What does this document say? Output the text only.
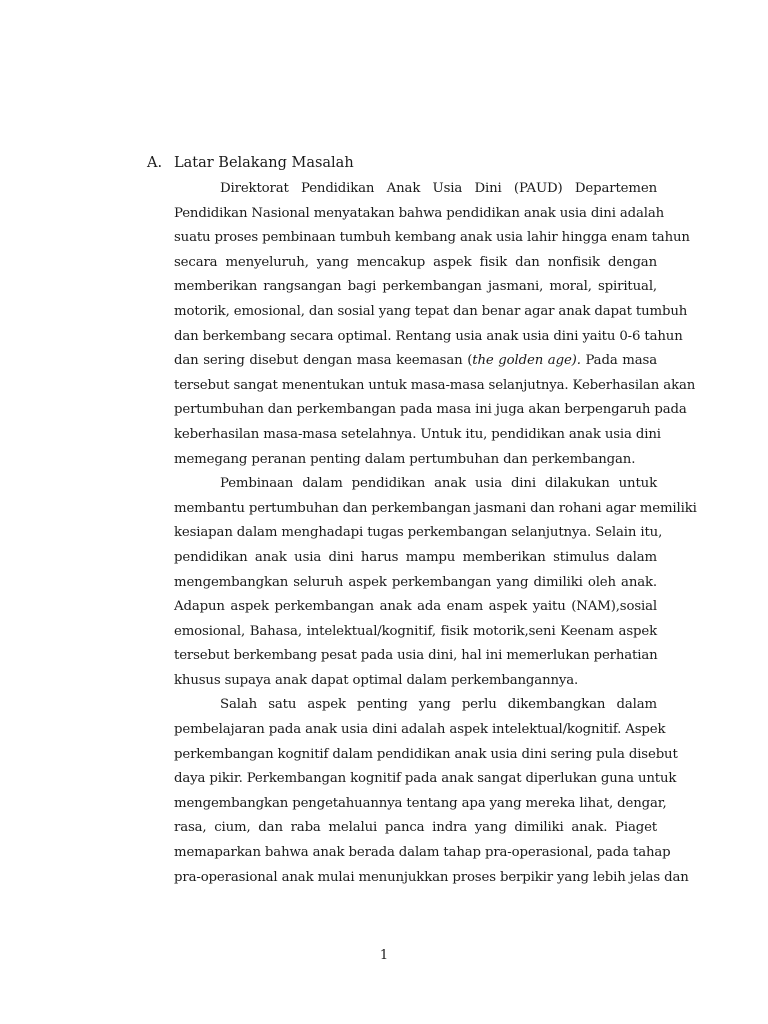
A. Latar Belakang Masalah
Direktorat Pendidikan Anak Usia Dini (PAUD) Departemen
Pendidikan Nasional menyatakan bahwa pendidikan anak usia dini adalah
suatu proses pembinaan tumbuh kembang anak usia lahir hingga enam tahun
secara menyeluruh, yang mencakup aspek fisik dan nonfisik dengan
memberikan rangsangan bagi perkembangan jasmani, moral, spiritual,
motorik, emosional, dan sosial yang tepat dan benar agar anak dapat tumbuh
dan berkembang secara optimal. Rentang usia anak usia dini yaitu 0-6 tahun
dan sering disebut dengan masa keemasan (the golden age). Pada masa
tersebut sangat menentukan untuk masa-masa selanjutnya. Keberhasilan akan
pertumbuhan dan perkembangan pada masa ini juga akan berpengaruh pada
keberhasilan masa-masa setelahnya. Untuk itu, pendidikan anak usia dini
memegang peranan penting dalam pertumbuhan dan perkembangan.
Pembinaan dalam pendidikan anak usia dini dilakukan untuk
membantu pertumbuhan dan perkembangan jasmani dan rohani agar memiliki
kesiapan dalam menghadapi tugas perkembangan selanjutnya. Selain itu,
pendidikan anak usia dini harus mampu memberikan stimulus dalam
mengembangkan seluruh aspek perkembangan yang dimiliki oleh anak.
Adapun aspek perkembangan anak ada enam aspek yaitu (NAM),sosial
emosional, Bahasa, intelektual/kognitif, fisik motorik,seni Keenam aspek
tersebut berkembang pesat pada usia dini, hal ini memerlukan perhatian
khusus supaya anak dapat optimal dalam perkembangannya.
Salah satu aspek penting yang perlu dikembangkan dalam
pembelajaran pada anak usia dini adalah aspek intelektual/kognitif. Aspek
perkembangan kognitif dalam pendidikan anak usia dini sering pula disebut
daya pikir. Perkembangan kognitif pada anak sangat diperlukan guna untuk
mengembangkan pengetahuannya tentang apa yang mereka lihat, dengar,
rasa, cium, dan raba melalui panca indra yang dimiliki anak. Piaget
memaparkan bahwa anak berada dalam tahap pra-operasional, pada tahap
pra-operasional anak mulai menunjukkan proses berpikir yang lebih jelas dan
1
